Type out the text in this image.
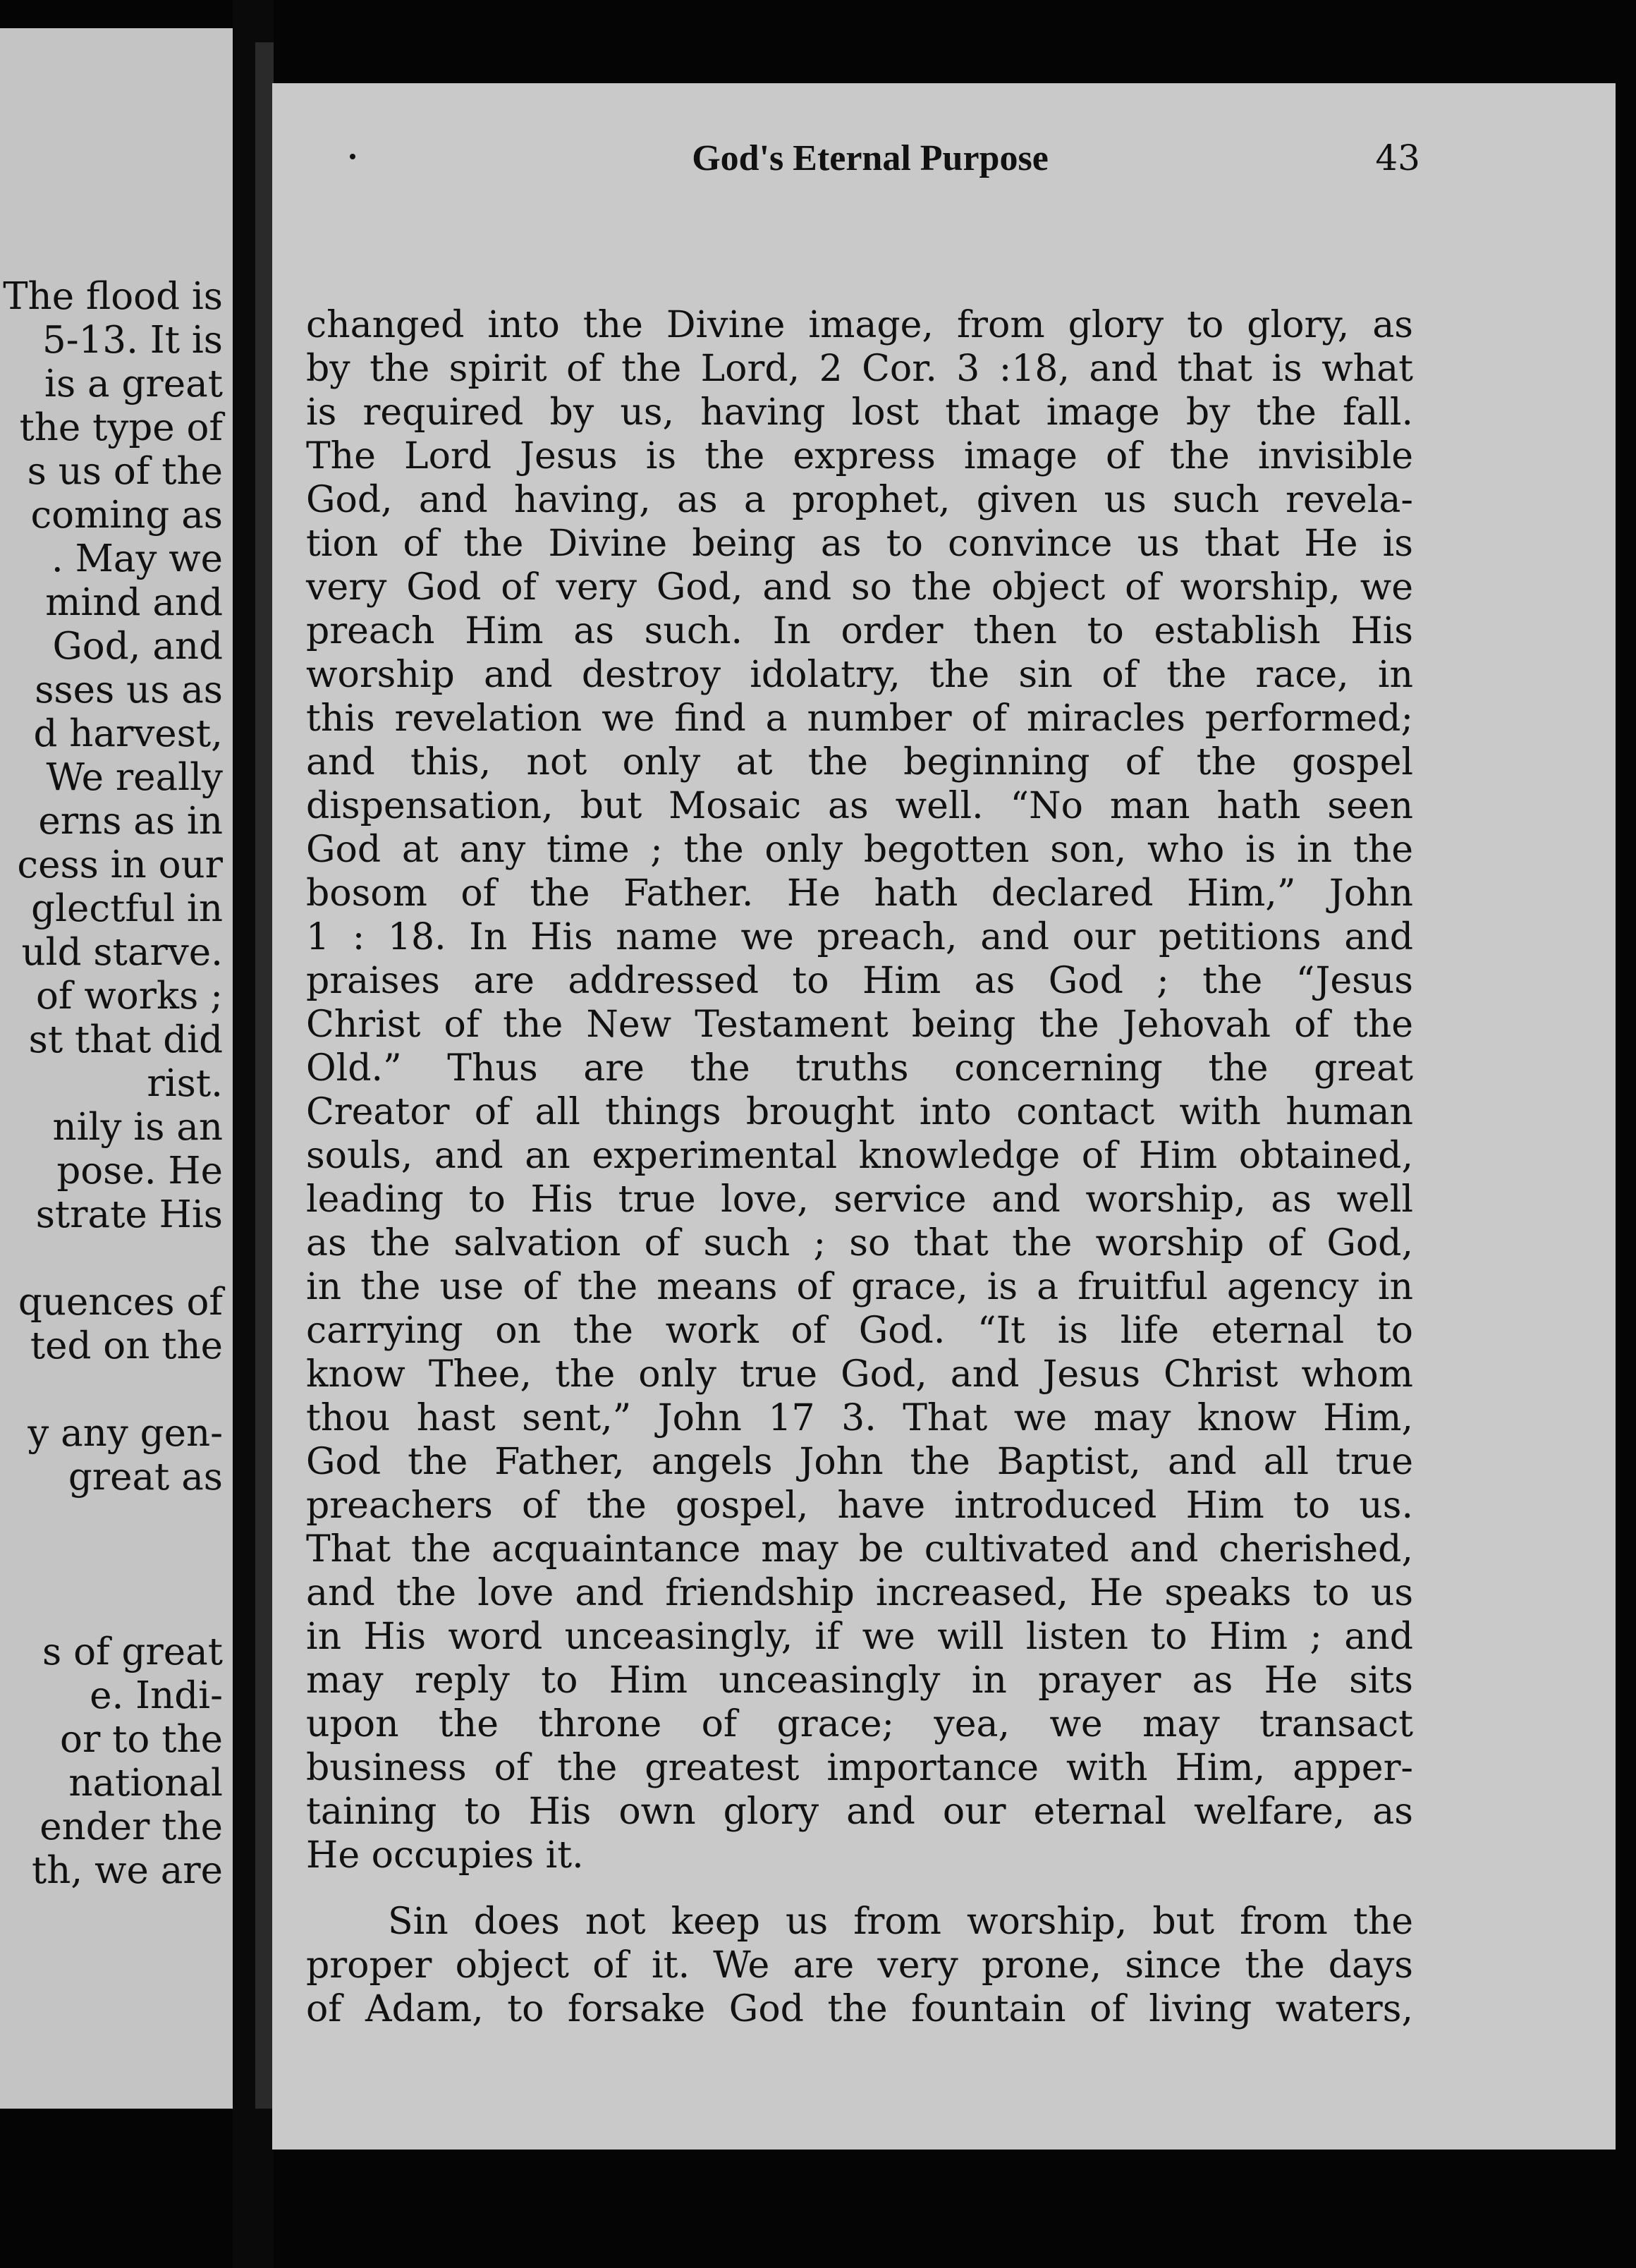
The flood is
5-13. It is
is a great
the type of
s us of the
coming as
. May we
mind and
God, and
sses us as
d harvest,
We really
erns as in
cess in our
glectful in
uld starve.
of works ;
st that did
rist.
nily is an
pose. He
strate His
quences of
ted on the
y any gen-
great as
s of great
e. Indi-
or to the
national
ender the
th, we are
God's Eternal Purpose	43
changed into the Divine image, from glory to glory, as
by the spirit of the Lord, 2 Cor. 3 :18, and that is what
is required by us, having lost that image by the fall.
The Lord Jesus is the express image of the invisible
God, and having, as a prophet, given us such revela-
tion of the Divine being as to convince us that He is
very God of very God, and so the object of worship, we
preach Him as such. In order then to establish His
worship and destroy idolatry, the sin of the race, in
this revelation we find a number of miracles performed;
and this, not only at the beginning of the gospel
dispensation, but Mosaic as well. “No man hath seen
God at any time ; the only begotten son, who is in the
bosom of the Father. He hath declared Him,” John
1 : 18. In His name we preach, and our petitions and
praises are addressed to Him as God ; the “Jesus
Christ of the New Testament being the Jehovah of the
Old.” Thus are the truths concerning the great
Creator of all things brought into contact with human
souls, and an experimental knowledge of Him obtained,
leading to His true love, service and worship, as well
as the salvation of such ; so that the worship of God,
in the use of the means of grace, is a fruitful agency in
carrying on the work of God. “It is life eternal to
know Thee, the only true God, and Jesus Christ whom
thou hast sent,” John 17 3. That we may know Him,
God the Father, angels John the Baptist, and all true
preachers of the gospel, have introduced Him to us.
That the acquaintance may be cultivated and cherished,
and the love and friendship increased, He speaks to us
in His word unceasingly, if we will listen to Him ; and
may reply to Him unceasingly in prayer as He sits
upon the throne of grace; yea, we may transact
business of the greatest importance with Him, apper-
taining to His own glory and our eternal welfare, as
He occupies it.
Sin does not keep us from worship, but from the
proper object of it. We are very prone, since the days
of Adam, to forsake God the fountain of living waters,
